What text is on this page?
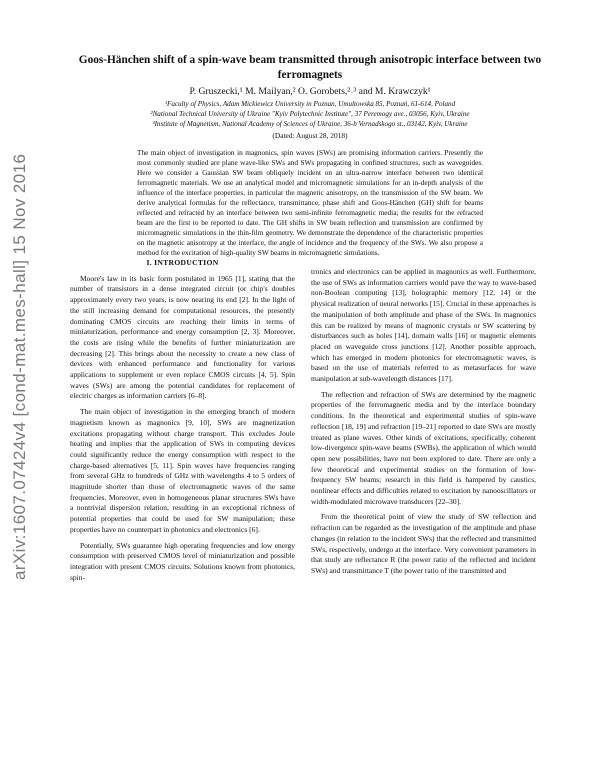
arXiv:1607.07424v4 [cond-mat.mes-hall] 15 Nov 2016
Goos-Hänchen shift of a spin-wave beam transmitted through anisotropic interface between two ferromagnets
P. Gruszecki,¹ M. Mailyan,² O. Gorobets,²˒³ and M. Krawczyk¹
¹Faculty of Physics, Adam Mickiewicz University in Poznan, Umultowska 85, Poznań, 61-614, Poland
²National Technical University of Ukraine "Kyiv Polytechnic Institute", 37 Peremogy ave., 03056, Kyiv, Ukraine
³Institute of Magnetism, National Academy of Sciences of Ukraine, 36-b Vernadskogo st., 03142, Kyiv, Ukraine
(Dated: August 28, 2018)
The main object of investigation in magnonics, spin waves (SWs) are promising information carriers. Presently the most commonly studied are plane wave-like SWs and SWs propagating in confined structures, such as waveguides. Here we consider a Gaussian SW beam obliquely incident on an ultra-narrow interface between two identical ferromagnetic materials. We use an analytical model and micromagnetic simulations for an in-depth analysis of the influence of the interface properties, in particular the magnetic anisotropy, on the transmission of the SW beam. We derive analytical formulas for the reflectance, transmittance, phase shift and Goos-Hänchen (GH) shift for beams reflected and refracted by an interface between two semi-infinite ferromagnetic media; the results for the refracted beam are the first to be reported to date. The GH shifts in SW beam reflection and transmission are confirmed by micromagnetic simulations in the thin-film geometry. We demonstrate the dependence of the characteristic properties on the magnetic anisotropy at the interface, the angle of incidence and the frequency of the SWs. We also propose a method for the excitation of high-quality SW beams in micromagnetic simulations.

I. INTRODUCTION

Moore's law in its basic form postulated in 1965 [1], stating that the number of transistors in a dense integrated circuit (or chip's doubles approximately every two years, is now nearing its end [2]. In the light of the still increasing demand for computational resources, the presently dominating CMOS circuits are reaching their limits in terms of miniaturization, performance and energy consumption [2, 3]. Moreover, the costs are rising while the benefits of further miniaturization are decreasing [2]. This brings about the necessity to create a new class of devices with enhanced performance and functionality for various applications to supplement or even replace CMOS circuits [4, 5]. Spin waves (SWs) are among the potential candidates for replacement of electric charges as information carriers [6–8].

The main object of investigation in the emerging branch of modern magnetism known as magnonics [9, 10], SWs are magnetization excitations propagating without charge transport. This excludes Joule heating and implies that the application of SWs in computing devices could significantly reduce the energy consumption with respect to the charge-based alternatives [5, 11]. Spin waves have frequencies ranging from several GHz to hundreds of GHz with wavelengths 4 to 5 orders of magnitude shorter than those of electromagnetic waves of the same frequencies. Moreover, even in homogeneous planar structures SWs have a nontrivial dispersion relation, resulting in an exceptional richness of potential properties that could be used for SW manipulation; these properties have no counterpart in photonics and electronics [6].

Potentially, SWs guarantee high operating frequencies and low energy consumption with preserved CMOS level of miniaturization and possible integration with present CMOS circuits. Solutions known from photonics, spin-

tronics and electronics can be applied in magnonics as well. Furthermore, the use of SWs as information carriers would pave the way to wave-based non-Boolean computing [13], holographic memory [12, 14] or the physical realization of neural networks [15]. Crucial in these approaches is the manipulation of both amplitude and phase of the SWs. In magnonics this can be realized by means of magnonic crystals or SW scattering by disturbances such as holes [14], domain walls [16] or magnetic elements placed on waveguide cross junctions [12]. Another possible approach, which has emerged in modern photonics for electromagnetic waves, is based on the use of materials referred to as metasurfaces for wave manipulation at sub-wavelength distances [17].

The reflection and refraction of SWs are determined by the magnetic properties of the ferromagnetic media and by the interface boundary conditions. In the theoretical and experimental studies of spin-wave reflection [18, 19] and refraction [19–21] reported to date SWs are mostly treated as plane waves. Other kinds of excitations, specifically, coherent low-divergence spin-wave beams (SWBs), the application of which would open new possibilities, have not been explored to date. There are only a few theoretical and experimental studies on the formation of low-frequency SW beams; research in this field is hampered by caustics, nonlinear effects and difficulties related to excitation by nanooscillators or width-modulated microwave transducers [22–30].

From the theoretical point of view the study of SW reflection and refraction can be regarded as the investigation of the amplitude and phase changes (in relation to the incident SWs) that the reflected and transmitted SWs, respectively, undergo at the interface. Very convenient parameters in that study are reflectance R (the power ratio of the reflected and incident SWs) and transmittance T (the power ratio of the transmitted and
